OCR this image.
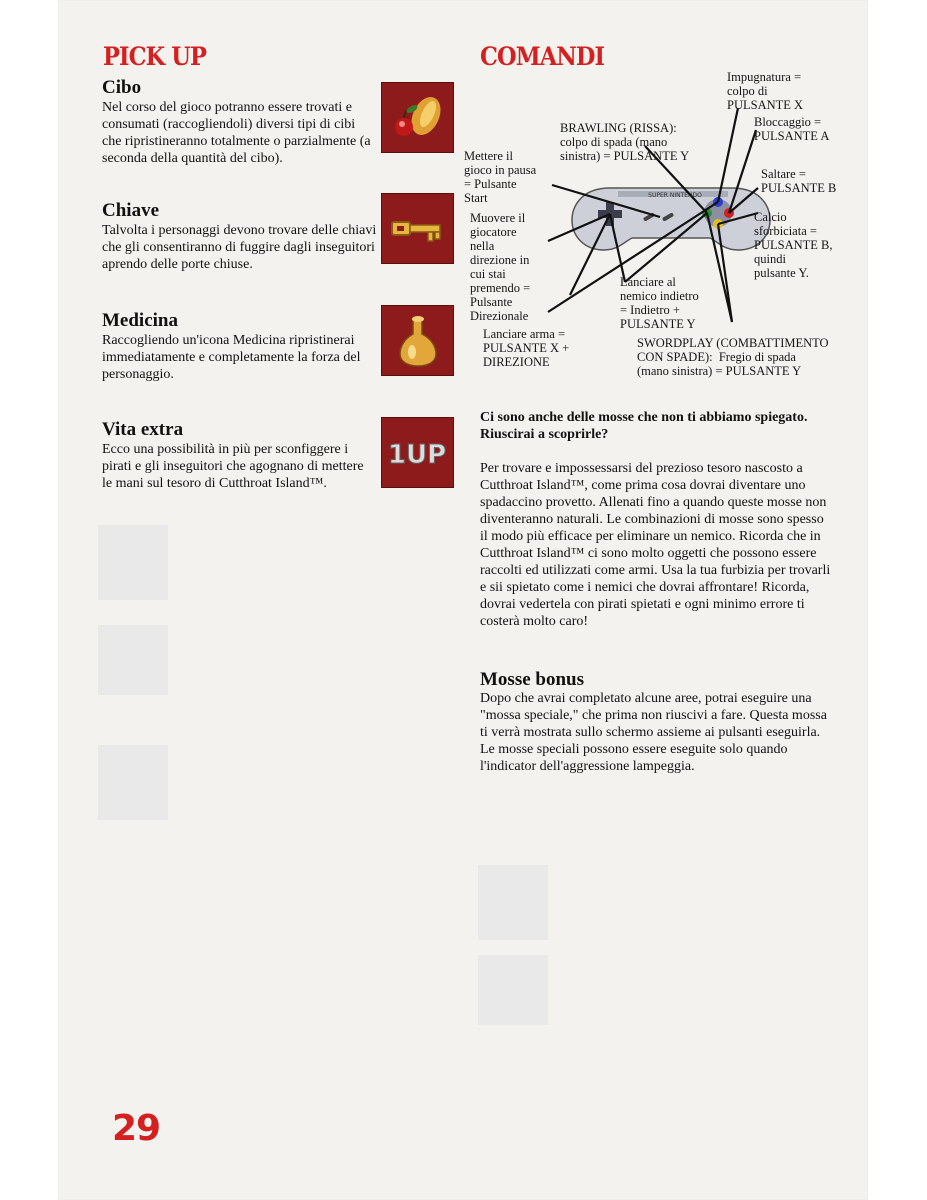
PICK UP	COMANDI
Cibo

Nel corso del gioco potranno essere trovati e consumati (raccogliendoli) diversi tipi di cibi che ripristineranno totalmente o parzialmente (a seconda della quantità del cibo).

Chiave

Talvolta i personaggi devono trovare delle chiavi che gli consentiranno di fuggire dagli inseguitori aprendo delle porte chiuse.

Medicina

Raccogliendo un'icona Medicina ripristinerai immediatamente e completamente la forza del personaggio.

Vita extra

Ecco una possibilità in più per sconfiggere i pirati e gli inseguitori che agognano di mettere le mani sul tesoro di Cutthroat Island™.

1UP
SUPER NINTENDO
Impugnatura =
colpo di
PULSANTE X
BRAWLING (RISSA):
colpo di spada (mano
sinistra) = PULSANTE Y
Bloccaggio =
PULSANTE A
Mettere il
gioco in pausa
= Pulsante
Start
Saltare =
PULSANTE B
Muovere il
giocatore
nella
direzione in
cui stai
premendo =
Pulsante
Direzionale
Calcio
sforbiciata =
PULSANTE B,
quindi
pulsante Y.
Lanciare al
nemico indietro
= Indietro +
PULSANTE Y
Lanciare arma =
PULSANTE X +
DIREZIONE
SWORDPLAY (COMBATTIMENTO
CON SPADE):  Fregio di spada
(mano sinistra) = PULSANTE Y

Ci sono anche delle mosse che non ti abbiamo spiegato. Riuscirai a scoprirle?

Per trovare e impossessarsi del prezioso tesoro nascosto a Cutthroat Island™, come prima cosa dovrai diventare uno spadaccino provetto. Allenati fino a quando queste mosse non diventeranno naturali. Le combinazioni di mosse sono spesso il modo più efficace per eliminare un nemico. Ricorda che in Cutthroat Island™ ci sono molto oggetti che possono essere raccolti ed utilizzati come armi. Usa la tua furbizia per trovarli e sii spietato come i nemici che dovrai affrontare! Ricorda, dovrai vedertela con pirati spietati e ogni minimo errore ti costerà molto caro!

Mosse bonus

Dopo che avrai completato alcune aree, potrai eseguire una "mossa speciale," che prima non riuscivi a fare. Questa mossa ti verrà mostrata sullo schermo assieme ai pulsanti eseguirla. Le mosse speciali possono essere eseguite solo quando l'indicator dell'aggressione lampeggia.

29
